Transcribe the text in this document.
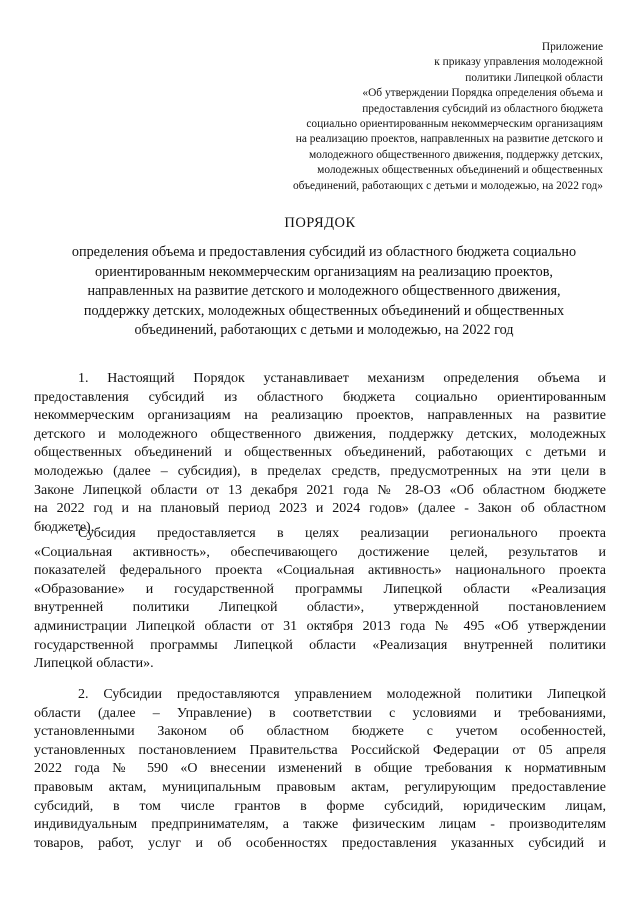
Приложение
к приказу управления молодежной
политики Липецкой области
«Об утверждении Порядка определения объема и
предоставления субсидий из областного бюджета
социально ориентированным некоммерческим организациям
на реализацию проектов, направленных на развитие детского и
молодежного общественного движения, поддержку детских,
молодежных общественных объединений и общественных
объединений, работающих с детьми и молодежью, на 2022 год»
ПОРЯДОК
определения объема и предоставления субсидий из областного бюджета социально
ориентированным некоммерческим организациям на реализацию проектов,
направленных на развитие детского и молодежного общественного движения,
поддержку детских, молодежных общественных объединений и общественных
объединений, работающих с детьми и молодежью, на 2022 год
1. Настоящий Порядок устанавливает механизм определения объема и
предоставления субсидий из областного бюджета социально ориентированным
некоммерческим организациям на реализацию проектов, направленных на развитие
детского и молодежного общественного движения, поддержку детских, молодежных
общественных объединений и общественных объединений, работающих с детьми и
молодежью (далее – субсидия), в пределах средств, предусмотренных на эти цели в
Законе Липецкой области от 13 декабря 2021 года № 28-ОЗ «Об областном бюджете
на 2022 год и на плановый период 2023 и 2024 годов» (далее - Закон об областном
бюджете).
Субсидия предоставляется в целях реализации регионального проекта
«Социальная активность», обеспечивающего достижение целей, результатов и
показателей федерального проекта «Социальная активность» национального проекта
«Образование» и государственной программы Липецкой области «Реализация
внутренней политики Липецкой области», утвержденной постановлением
администрации Липецкой области от 31 октября 2013 года № 495 «Об утверждении
государственной программы Липецкой области «Реализация внутренней политики
Липецкой области».
2. Субсидии предоставляются управлением молодежной политики Липецкой
области (далее – Управление) в соответствии с условиями и требованиями,
установленными Законом об областном бюджете с учетом особенностей,
установленных постановлением Правительства Российской Федерации от 05 апреля
2022 года № 590 «О внесении изменений в общие требования к нормативным
правовым актам, муниципальным правовым актам, регулирующим предоставление
субсидий, в том числе грантов в форме субсидий, юридическим лицам,
индивидуальным предпринимателям, а также физическим лицам - производителям
товаров, работ, услуг и об особенностях предоставления указанных субсидий и
